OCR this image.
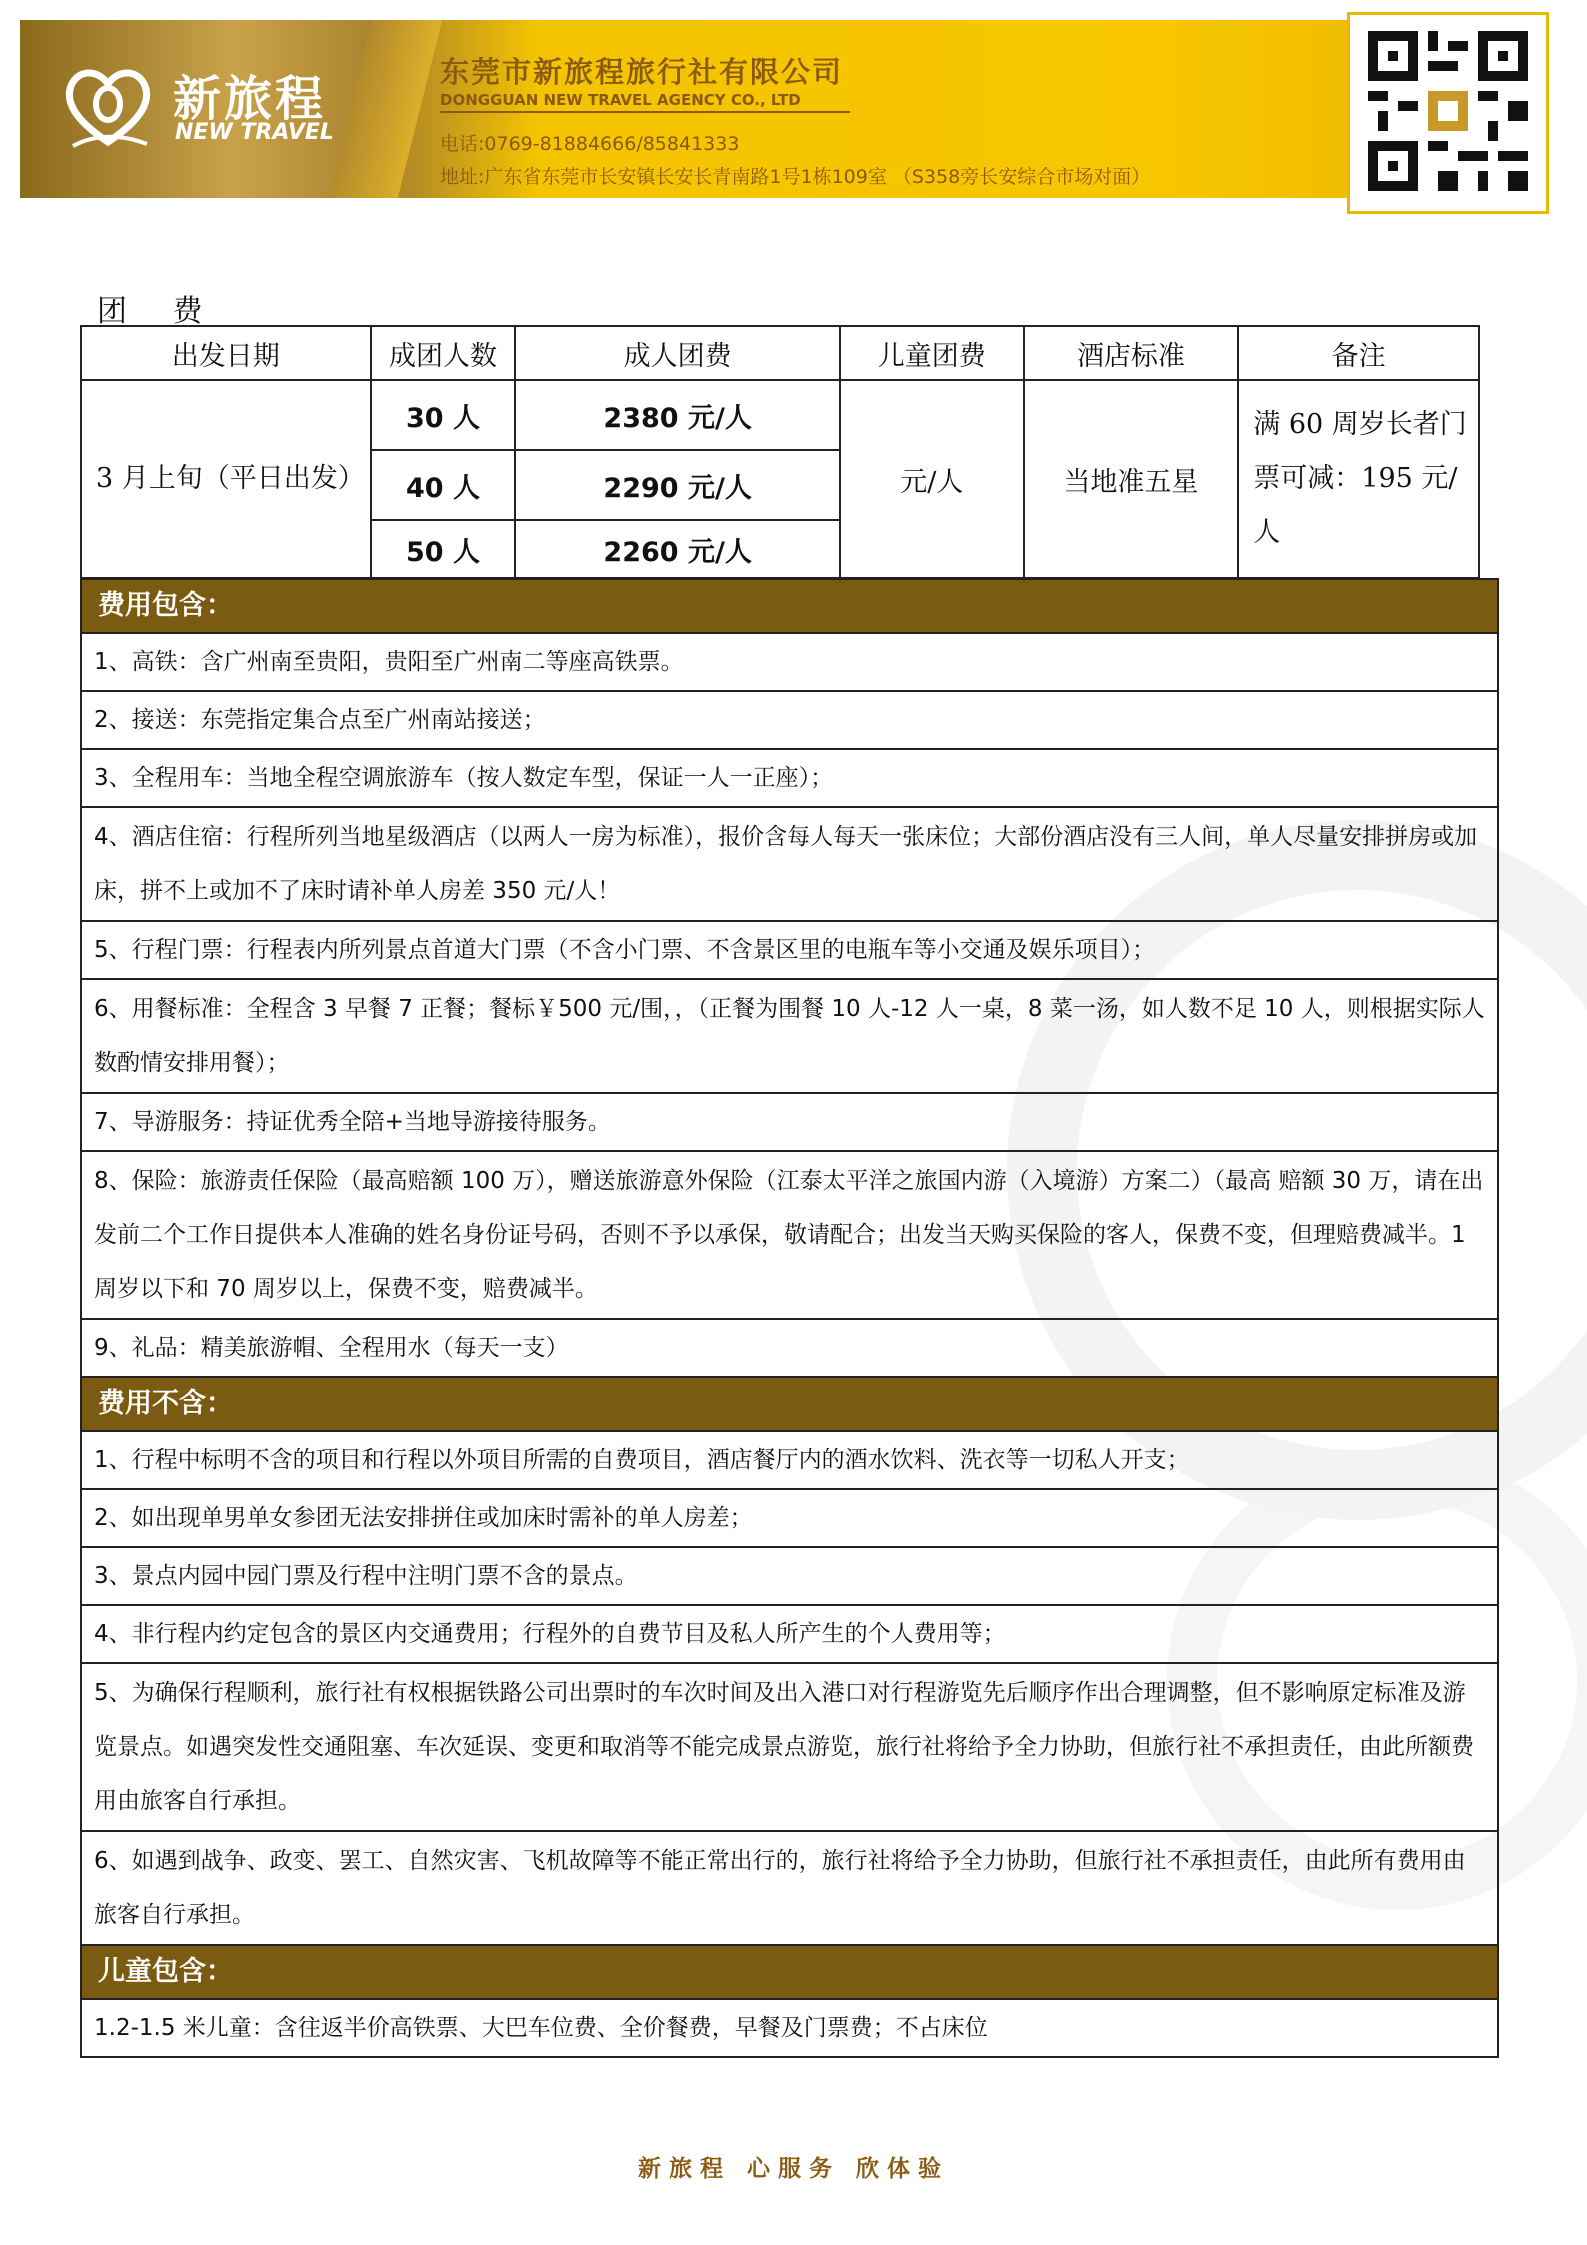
新旅程
NEW TRAVEL
东莞市新旅程旅行社有限公司
DONGGUAN NEW TRAVEL AGENCY CO., LTD
电话:0769-81884666/85841333
地址:广东省东莞市长安镇长安长青南路1号1栋109室 （S358旁长安综合市场对面）
团 费
出发日期	成团人数	成人团费	儿童团费	酒店标准	备注
3 月上旬（平日出发）	30 人	2380 元/人	元/人	当地准五星	满 60 周岁长者门票可减：195 元/人
	40 人	2290 元/人			
	50 人	2260 元/人			
费用包含：
1、高铁：含广州南至贵阳，贵阳至广州南二等座高铁票。
2、接送：东莞指定集合点至广州南站接送；
3、全程用车：当地全程空调旅游车（按人数定车型，保证一人一正座）；
4、酒店住宿：行程所列当地星级酒店（以两人一房为标准），报价含每人每天一张床位；大部份酒店没有三人间，单人尽量安排拼房或加床，拼不上或加不了床时请补单人房差 350 元/人！
5、行程门票：行程表内所列景点首道大门票（不含小门票、不含景区里的电瓶车等小交通及娱乐项目）；
6、用餐标准：全程含 3 早餐 7 正餐；餐标￥500 元/围，，（正餐为围餐 10 人-12 人一桌，8 菜一汤，如人数不足 10 人，则根据实际人数酌情安排用餐）；
7、导游服务：持证优秀全陪+当地导游接待服务。
8、保险：旅游责任保险（最高赔额 100 万），赠送旅游意外保险（江泰太平洋之旅国内游（入境游）方案二）（最高 赔额 30 万，请在出发前二个工作日提供本人准确的姓名身份证号码，否则不予以承保，敬请配合；出发当天购买保险的客人，保费不变，但理赔费减半。1 周岁以下和 70 周岁以上，保费不变，赔费减半。
9、礼品：精美旅游帽、全程用水（每天一支）
费用不含：
1、行程中标明不含的项目和行程以外项目所需的自费项目，酒店餐厅内的酒水饮料、洗衣等一切私人开支；
2、如出现单男单女参团无法安排拼住或加床时需补的单人房差；
3、景点内园中园门票及行程中注明门票不含的景点。
4、非行程内约定包含的景区内交通费用；行程外的自费节目及私人所产生的个人费用等；
5、为确保行程顺利，旅行社有权根据铁路公司出票时的车次时间及出入港口对行程游览先后顺序作出合理调整，但不影响原定标准及游览景点。如遇突发性交通阻塞、车次延误、变更和取消等不能完成景点游览，旅行社将给予全力协助，但旅行社不承担责任，由此所额费用由旅客自行承担。
6、如遇到战争、政变、罢工、自然灾害、飞机故障等不能正常出行的，旅行社将给予全力协助，但旅行社不承担责任，由此所有费用由旅客自行承担。
儿童包含：
1.2-1.5 米儿童：含往返半价高铁票、大巴车位费、全价餐费，早餐及门票费；不占床位
新旅程 心服务 欣体验
